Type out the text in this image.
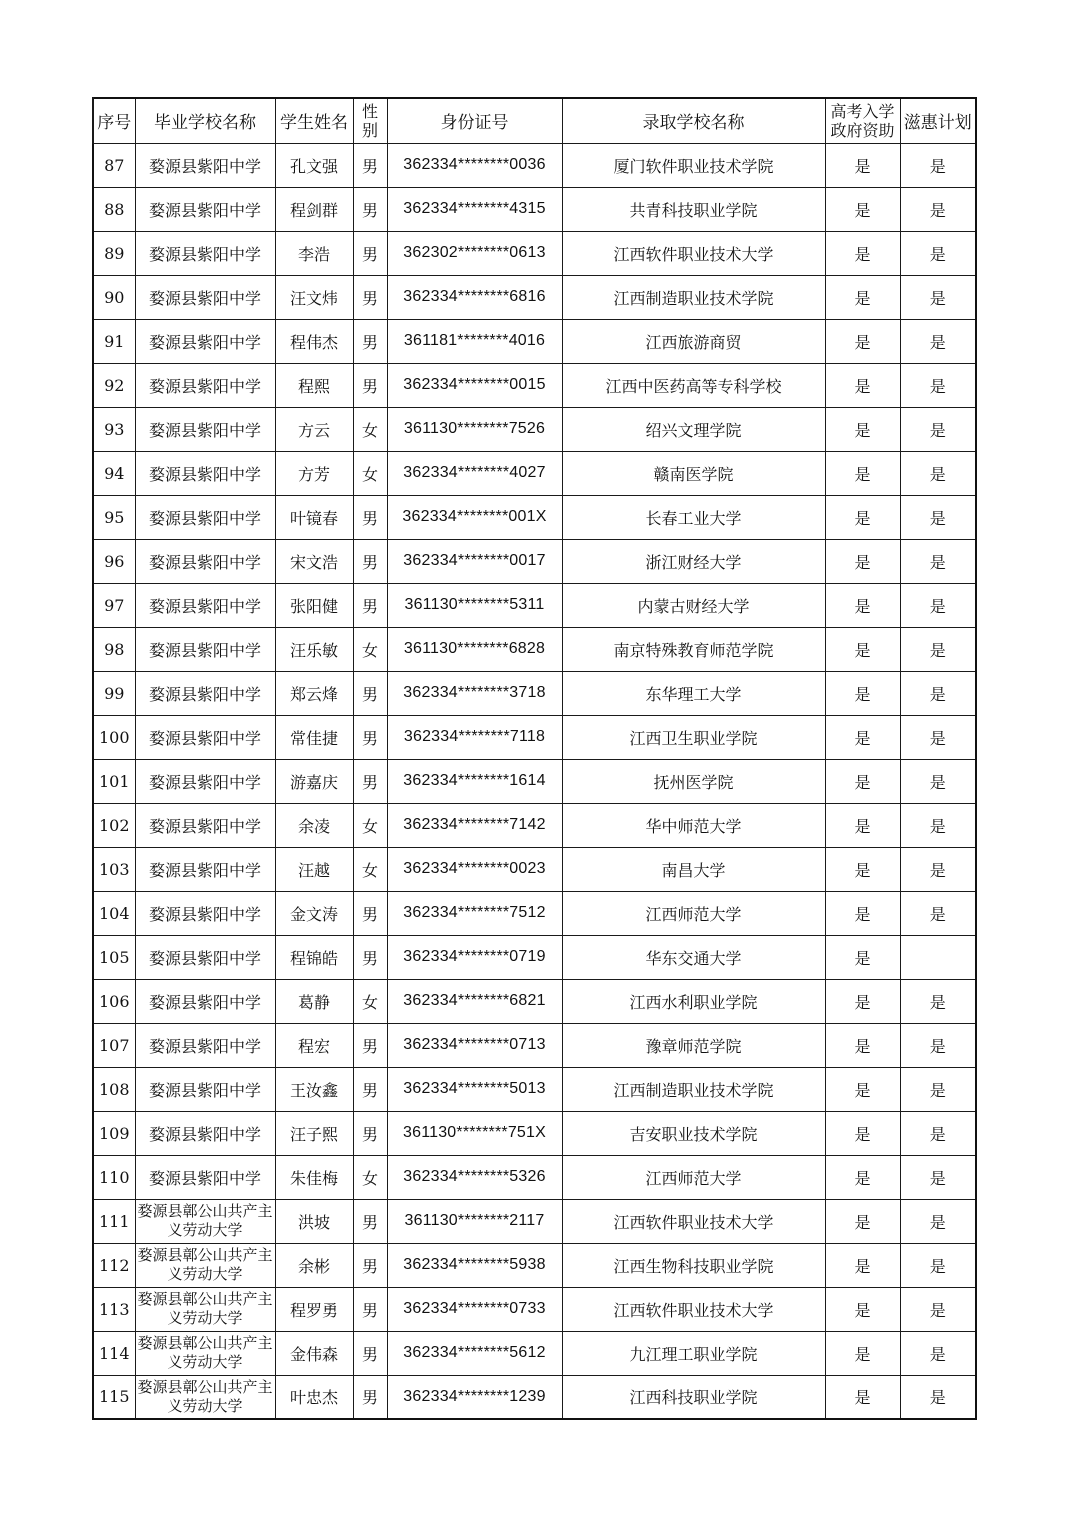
序号	毕业学校名称	学生姓名	性别	身份证号	录取学校名称	高考入学政府资助	滋惠计划
87	婺源县紫阳中学	孔文强	男	362334********0036	厦门软件职业技术学院	是	是
88	婺源县紫阳中学	程剑群	男	362334********4315	共青科技职业学院	是	是
89	婺源县紫阳中学	李浩	男	362302********0613	江西软件职业技术大学	是	是
90	婺源县紫阳中学	汪文炜	男	362334********6816	江西制造职业技术学院	是	是
91	婺源县紫阳中学	程伟杰	男	361181********4016	江西旅游商贸	是	是
92	婺源县紫阳中学	程熙	男	362334********0015	江西中医药高等专科学校	是	是
93	婺源县紫阳中学	方云	女	361130********7526	绍兴文理学院	是	是
94	婺源县紫阳中学	方芳	女	362334********4027	赣南医学院	是	是
95	婺源县紫阳中学	叶镜春	男	362334********001X	长春工业大学	是	是
96	婺源县紫阳中学	宋文浩	男	362334********0017	浙江财经大学	是	是
97	婺源县紫阳中学	张阳健	男	361130********5311	内蒙古财经大学	是	是
98	婺源县紫阳中学	汪乐敏	女	361130********6828	南京特殊教育师范学院	是	是
99	婺源县紫阳中学	郑云烽	男	362334********3718	东华理工大学	是	是
100	婺源县紫阳中学	常佳捷	男	362334********7118	江西卫生职业学院	是	是
101	婺源县紫阳中学	游嘉庆	男	362334********1614	抚州医学院	是	是
102	婺源县紫阳中学	余凌	女	362334********7142	华中师范大学	是	是
103	婺源县紫阳中学	汪越	女	362334********0023	南昌大学	是	是
104	婺源县紫阳中学	金文涛	男	362334********7512	江西师范大学	是	是
105	婺源县紫阳中学	程锦皓	男	362334********0719	华东交通大学	是	
106	婺源县紫阳中学	葛静	女	362334********6821	江西水利职业学院	是	是
107	婺源县紫阳中学	程宏	男	362334********0713	豫章师范学院	是	是
108	婺源县紫阳中学	王汝鑫	男	362334********5013	江西制造职业技术学院	是	是
109	婺源县紫阳中学	汪子熙	男	361130********751X	吉安职业技术学院	是	是
110	婺源县紫阳中学	朱佳梅	女	362334********5326	江西师范大学	是	是
111	婺源县鄣公山共产主义劳动大学	洪坡	男	361130********2117	江西软件职业技术大学	是	是
112	婺源县鄣公山共产主义劳动大学	余彬	男	362334********5938	江西生物科技职业学院	是	是
113	婺源县鄣公山共产主义劳动大学	程罗勇	男	362334********0733	江西软件职业技术大学	是	是
114	婺源县鄣公山共产主义劳动大学	金伟森	男	362334********5612	九江理工职业学院	是	是
115	婺源县鄣公山共产主义劳动大学	叶忠杰	男	362334********1239	江西科技职业学院	是	是
